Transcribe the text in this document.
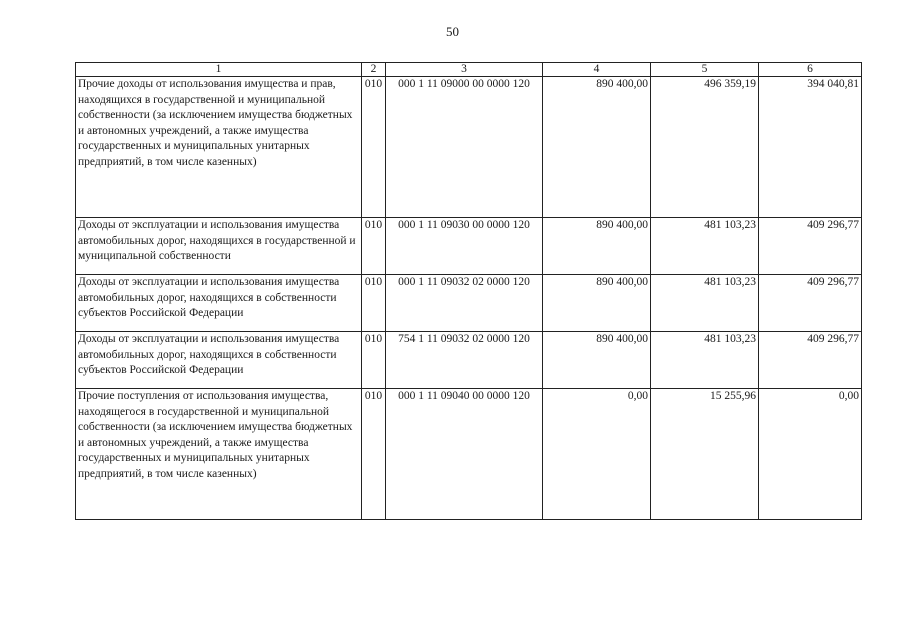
50
1	2	3	4	5	6
Прочие доходы от использования имущества и прав, находящихся в государственной и муниципальной собственности (за исключением имущества бюджетных и автономных учреждений, а также имущества государственных и муниципальных унитарных предприятий, в том числе казенных)	010	000 1 11 09000 00 0000 120	890 400,00	496 359,19	394 040,81
Доходы от эксплуатации и использования имущества автомобильных дорог, находящихся в государственной и муниципальной собственности	010	000 1 11 09030 00 0000 120	890 400,00	481 103,23	409 296,77
Доходы от эксплуатации и использования имущества автомобильных дорог, находящихся в собственности субъектов Российской Федерации	010	000 1 11 09032 02 0000 120	890 400,00	481 103,23	409 296,77
Доходы от эксплуатации и использования имущества автомобильных дорог, находящихся в собственности субъектов Российской Федерации	010	754 1 11 09032 02 0000 120	890 400,00	481 103,23	409 296,77
Прочие поступления от использования имущества, находящегося в государственной и муниципальной собственности (за исключением имущества бюджетных и автономных учреждений, а также имущества государственных и муниципальных унитарных предприятий, в том числе казенных)	010	000 1 11 09040 00 0000 120	0,00	15 255,96	0,00
